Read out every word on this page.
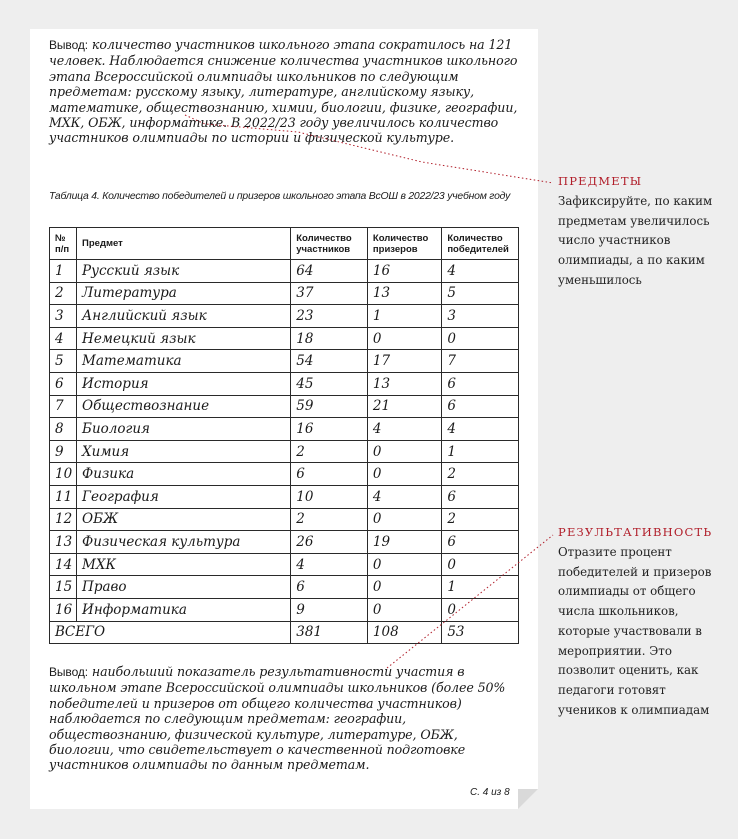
Вывод: количество участников школьного этапа сократилось на 121 человек. Наблюдается снижение количества участников школьного этапа Всероссийской олимпиады школьников по следующим предметам: русскому языку, литературе, английскому языку, математике, обществознанию, химии, биологии, физике, географии, МХК, ОБЖ, информатике. В 2022/23 году увеличилось количество участников олимпиады по истории и физической культуре.

Таблица 4. Количество победителей и призеров школьного этапа ВсОШ в 2022/23 учебном году

№ п/п	Предмет	Количество участников	Количество призеров	Количество победителей
1	Русский язык	64	16	4
2	Литература	37	13	5
3	Английский язык	23	1	3
4	Немецкий язык	18	0	0
5	Математика	54	17	7
6	История	45	13	6
7	Обществознание	59	21	6
8	Биология	16	4	4
9	Химия	2	0	1
10	Физика	6	0	2
11	География	10	4	6
12	ОБЖ	2	0	2
13	Физическая культура	26	19	6
14	МХК	4	0	0
15	Право	6	0	1
16	Информатика	9	0	0
ВСЕГО		381	108	53

Вывод: наибольший показатель результативности участия в школьном этапе Всероссийской олимпиады школьников (более 50% победителей и призеров от общего количества участников) наблюдается по следующим предметам: географии, обществознанию, физической культуре, литературе, ОБЖ, биологии, что свидетельствует о качественной подготовке участников олимпиады по данным предметам.

С. 4 из 8

ПРЕДМЕТЫ

Зафиксируйте, по каким предметам увеличилось число участников олимпиады, а по каким уменьшилось

РЕЗУЛЬТАТИВНОСТЬ

Отразите процент победителей и призеров олимпиады от общего числа школьников, которые участвовали в мероприятии. Это позволит оценить, как педагоги готовят учеников к олимпиадам
